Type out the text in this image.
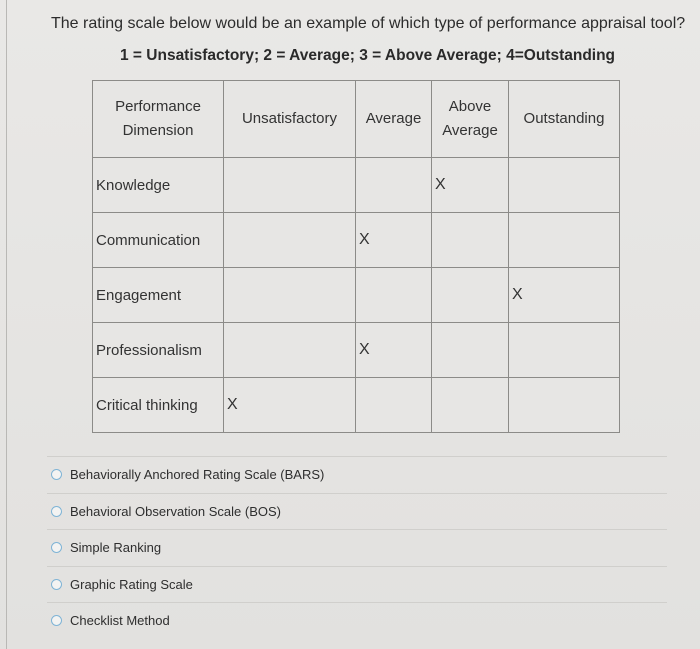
The rating scale below would be an example of which type of performance appraisal tool?
1 = Unsatisfactory; 2 = Average; 3 = Above Average; 4=Outstanding
Performance Dimension	Unsatisfactory	Average	Above Average	Outstanding
Knowledge			X	
Communication		X		
Engagement				X
Professionalism		X		
Critical thinking	X			
Behaviorally Anchored Rating Scale (BARS)
Behavioral Observation Scale (BOS)
Simple Ranking
Graphic Rating Scale
Checklist Method
